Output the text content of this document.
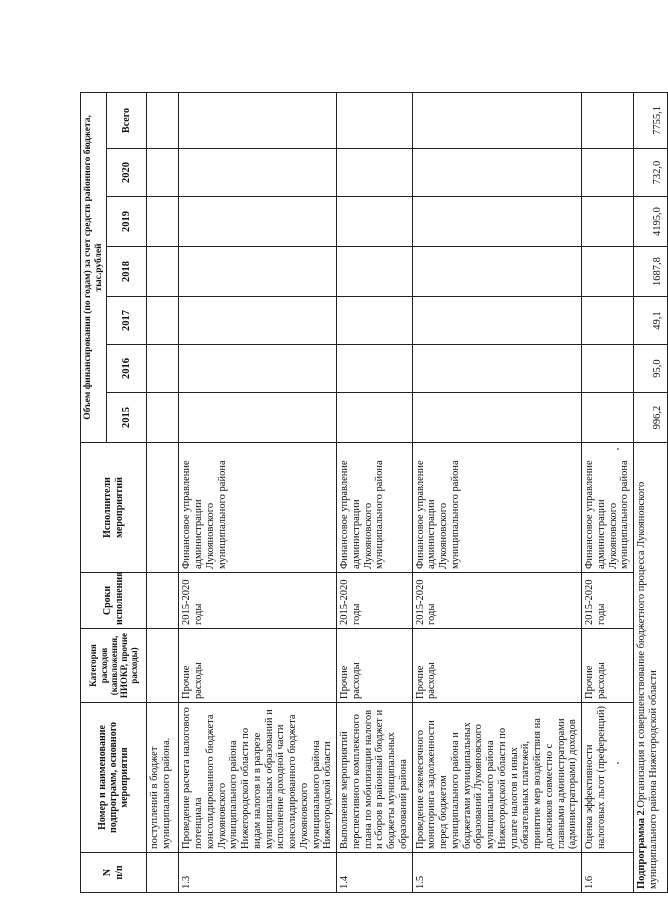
N
п/п	Номер и наименование подпрограмм, основного мероприятия	Категория расходов (капвложения, НИОКР, прочие расходы)	Сроки исполнения	Исполнители мероприятий	Объем финансирования (по годам) за счет средств районного бюджета, тыс.рублей						
					2015	2016	2017	2018	2019	2020	Всего
	поступлений в бюджет муниципального района.										
1.3	Проведение расчета налогового потенциала консолидированного бюджета Лукояновского муниципального района Нижегородской области по видам налогов и в разрезе муниципальных образований и исполнение доходной части консолидированного бюджета Лукояновского муниципального района Нижегородской области	Прочие расходы	2015-2020 годы	Финансовое управление администрации Лукояновского муниципального района							
1.4	Выполнение мероприятий перспективного комплексного плана по мобилизации налогов и сборов в районный бюджет и бюджеты муниципальных образований района	Прочие расходы	2015-2020 годы	Финансовое управление администрации Лукояновского муниципального района							
1.5	Проведение ежемесячного мониторинга задолженности перед бюджетом муниципального района и бюджетами муниципальных образований Лукояновского муниципального района Нижегородской области по уплате налогов и иных обязательных платежей, принятие мер воздействия на должников совместно с главными администраторами (администраторами) доходов	Прочие расходы	2015-2020 годы	Финансовое управление администрации Лукояновского муниципального района							
1.6	Оценка эффективности налоговых льгот (преференций)	Прочие расходы	2015-2020 годы	Финансовое управление администрации Лукояновского муниципального района							
Подпрограмма 2.Организация и совершенствование бюджетного процесса Лукояновского муниципального района Нижегородской области					996,2	95,0	49,1	1687,8	4195,0	732,0	7755,1
